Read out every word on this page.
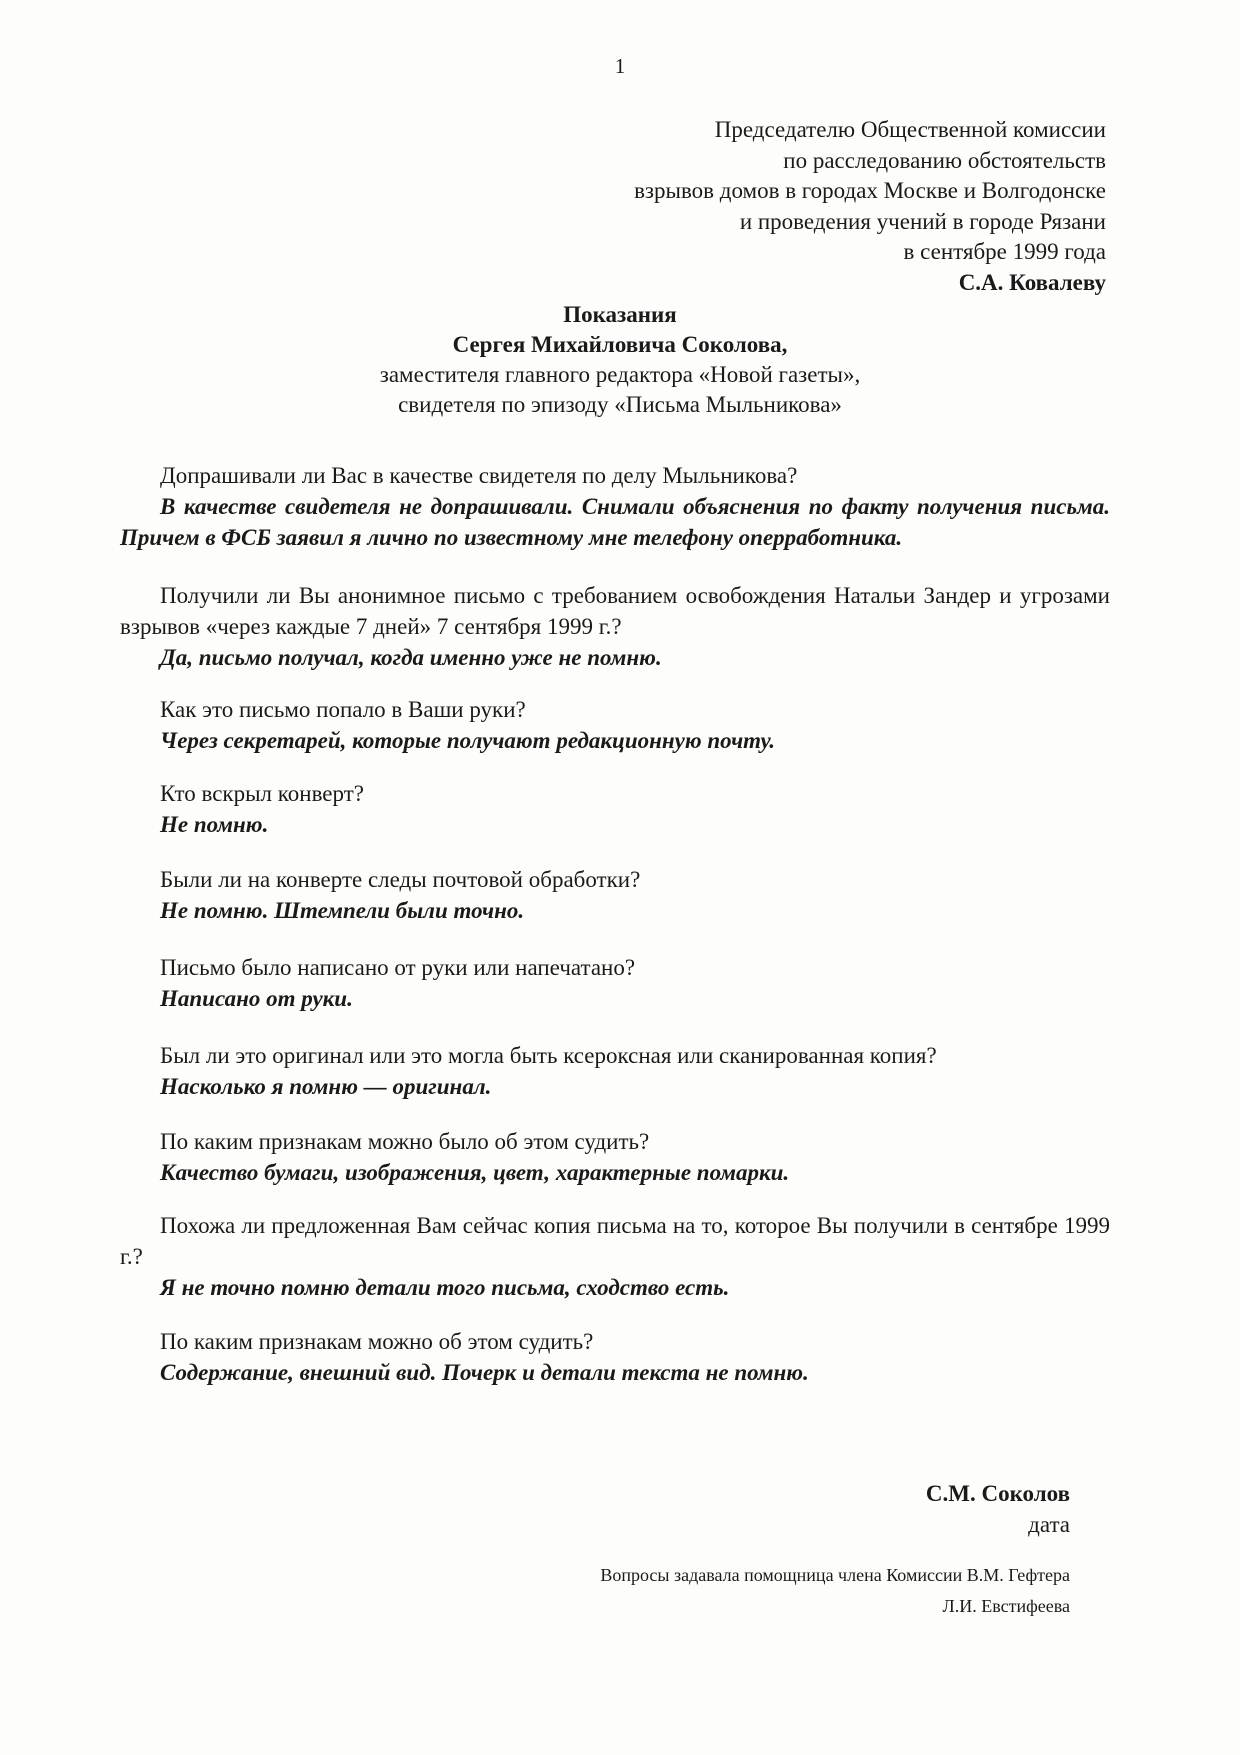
1
Председателю Общественной комиссии
по расследованию обстоятельств
взрывов домов в городах Москве и Волгодонске
и проведения учений в городе Рязани
в сентябре 1999 года
С.А. Ковалеву
Показания
Сергея Михайловича Соколова,
заместителя главного редактора «Новой газеты»,
свидетеля по эпизоду «Письма Мыльникова»
Допрашивали ли Вас в качестве свидетеля по делу Мыльникова?
В качестве свидетеля не допрашивали. Снимали объяснения по факту получения письма. Причем в ФСБ заявил я лично по известному мне телефону оперработника.
Получили ли Вы анонимное письмо с требованием освобождения Натальи Зандер и угрозами взрывов «через каждые 7 дней» 7 сентября 1999 г.?
Да, письмо получал, когда именно уже не помню.
Как это письмо попало в Ваши руки?
Через секретарей, которые получают редакционную почту.
Кто вскрыл конверт?
Не помню.
Были ли на конверте следы почтовой обработки?
Не помню. Штемпели были точно.
Письмо было написано от руки или напечатано?
Написано от руки.
Был ли это оригинал или это могла быть ксероксная или сканированная копия?
Насколько я помню — оригинал.
По каким признакам можно было об этом судить?
Качество бумаги, изображения, цвет, характерные помарки.
Похожа ли предложенная Вам сейчас копия письма на то, которое Вы получили в сентябре 1999 г.?
Я не точно помню детали того письма, сходство есть.
По каким признакам можно об этом судить?
Содержание, внешний вид. Почерк и детали текста не помню.
С.М. Соколов
дата
Вопросы задавала помощница члена Комиссии В.М. Гефтера
Л.И. Евстифеева
